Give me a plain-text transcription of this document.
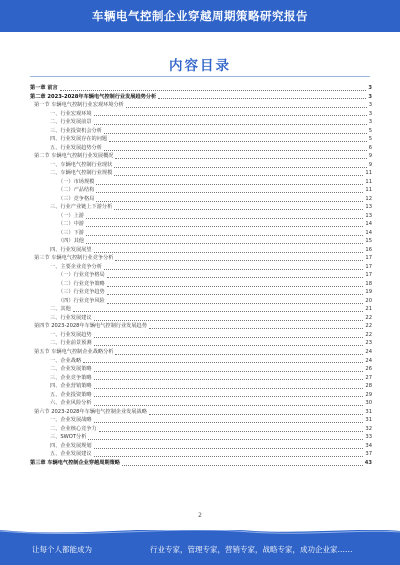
车辆电气控制企业穿越周期策略研究报告
内容目录
第一章 前言	3
第二章 2023-2028年车辆电气控制行业发展趋势分析	3
第一节 车辆电气控制行业宏观环境分析	3
一、行业宏观环境	3
二、行业发展前景	3
三、行业投资机会分析	5
四、行业发展存在的问题	5
五、行业发展趋势分析	6
第二节 车辆电气控制行业发展概况	9
一、车辆电气控制行业现状	9
二、车辆电气控制行业规模	11
（一）市场规模	11
（二）产品结构	11
（三）竞争格局	12
三、行业产业链上下游分析	13
（一）上游	13
（二）中游	14
（三）下游	14
（四）其他	15
四、行业发展展望	16
第三节 车辆电气控制行业竞争分析	17
一、主要企业竞争分析	17
（一）行业竞争格局	17
（二）行业竞争策略	18
（三）行业竞争趋势	19
（四）行业竞争风险	20
二、其他	21
三、行业发展建议	22
第四节 2023-2028年车辆电气控制行业发展趋势	22
一、行业发展趋势	22
二、行业前景预测	23
第五节 车辆电气控制企业战略分析	24
一、企业战略	24
二、企业发展策略	26
三、企业竞争策略	27
四、企业营销策略	28
五、企业投资策略	29
六、企业风险分析	30
第六节 2023-2028年车辆电气控制企业发展战略	31
一、企业发展战略	31
二、企业核心竞争力	32
三、SWOT分析	33
四、企业发展规划	34
五、企业发展建议	37
第三章 车辆电气控制企业穿越周期策略	43
2
让每个人都能成为	行业专家，管理专家，营销专家，战略专家，成功企业家……
